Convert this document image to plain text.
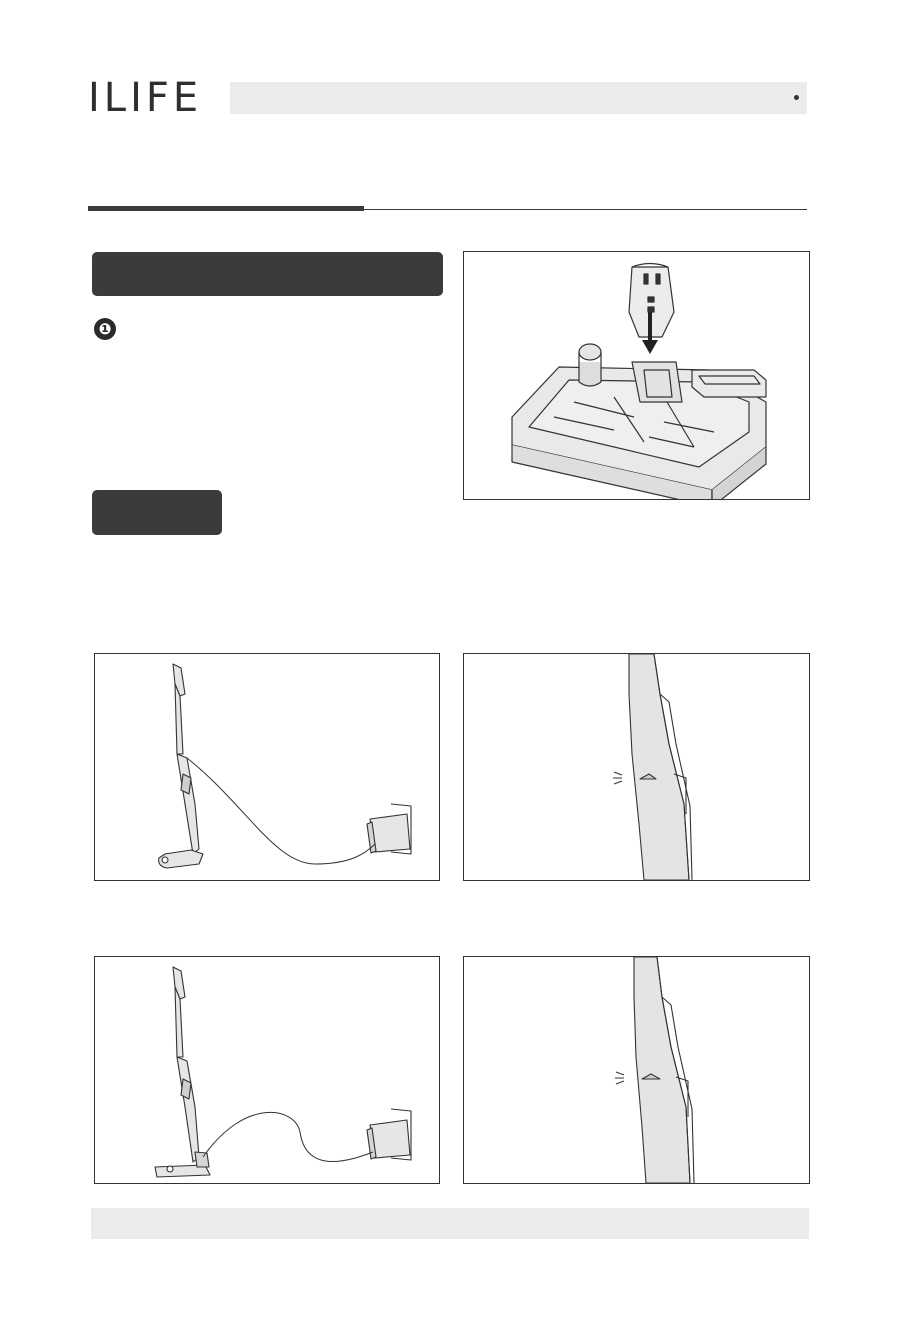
ILIFE
❶
